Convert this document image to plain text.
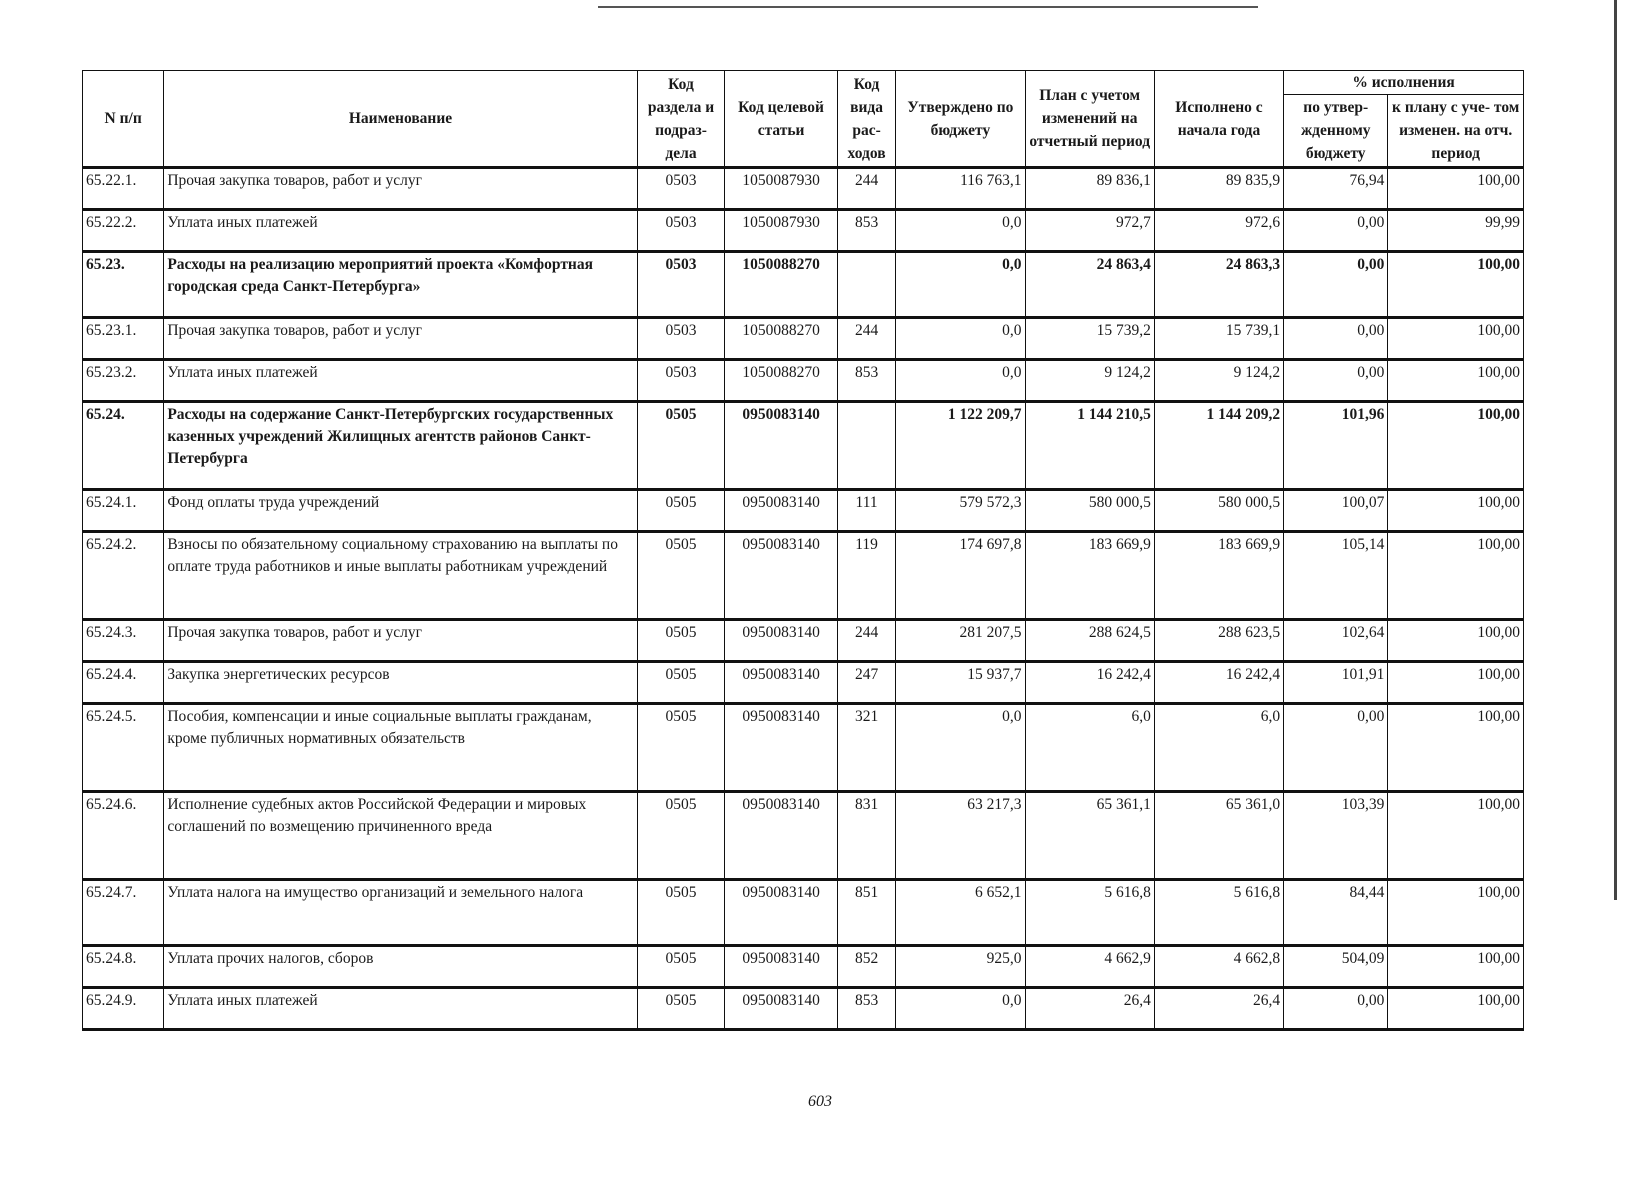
N п/п	Наименование	Код раздела и подраз- дела	Код целевой статьи	Код вида рас- ходов	Утверждено по бюджету	План с учетом изменений на отчетный период	Исполнено с начала года	% исполнения	
								по утвер- жденному бюджету	к плану с уче- том изменен. на отч. период
65.22.1.	Прочая закупка товаров, работ и услуг	0503	1050087930	244	116 763,1	89 836,1	89 835,9	76,94	100,00
65.22.2.	Уплата иных платежей	0503	1050087930	853	0,0	972,7	972,6	0,00	99,99
65.23.	Расходы на реализацию мероприятий проекта «Комфортная городская среда Санкт-Петербурга»	0503	1050088270		0,0	24 863,4	24 863,3	0,00	100,00
65.23.1.	Прочая закупка товаров, работ и услуг	0503	1050088270	244	0,0	15 739,2	15 739,1	0,00	100,00
65.23.2.	Уплата иных платежей	0503	1050088270	853	0,0	9 124,2	9 124,2	0,00	100,00
65.24.	Расходы на содержание Санкт-Петербургских государственных казенных учреждений Жилищных агентств районов Санкт-Петербурга	0505	0950083140		1 122 209,7	1 144 210,5	1 144 209,2	101,96	100,00
65.24.1.	Фонд оплаты труда учреждений	0505	0950083140	111	579 572,3	580 000,5	580 000,5	100,07	100,00
65.24.2.	Взносы по обязательному социальному страхованию на выплаты по оплате труда работников и иные выплаты работникам учреждений	0505	0950083140	119	174 697,8	183 669,9	183 669,9	105,14	100,00
65.24.3.	Прочая закупка товаров, работ и услуг	0505	0950083140	244	281 207,5	288 624,5	288 623,5	102,64	100,00
65.24.4.	Закупка энергетических ресурсов	0505	0950083140	247	15 937,7	16 242,4	16 242,4	101,91	100,00
65.24.5.	Пособия, компенсации и иные социальные выплаты гражданам, кроме публичных нормативных обязательств	0505	0950083140	321	0,0	6,0	6,0	0,00	100,00
65.24.6.	Исполнение судебных актов Российской Федерации и мировых соглашений по возмещению причиненного вреда	0505	0950083140	831	63 217,3	65 361,1	65 361,0	103,39	100,00
65.24.7.	Уплата налога на имущество организаций и земельного налога	0505	0950083140	851	6 652,1	5 616,8	5 616,8	84,44	100,00
65.24.8.	Уплата прочих налогов, сборов	0505	0950083140	852	925,0	4 662,9	4 662,8	504,09	100,00
65.24.9.	Уплата иных платежей	0505	0950083140	853	0,0	26,4	26,4	0,00	100,00
603
